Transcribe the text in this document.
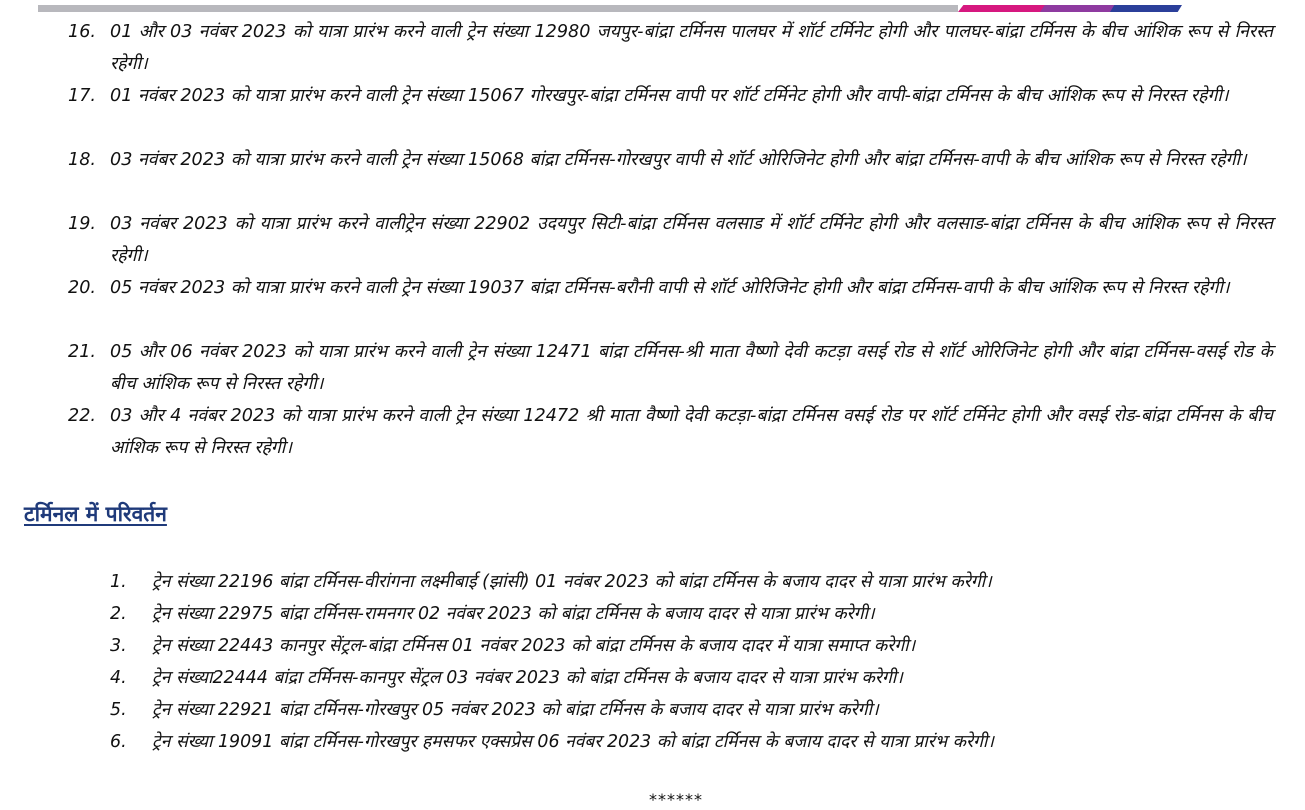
16. 01 और 03 नवंबर 2023 को यात्रा प्रारंभ करने वाली ट्रेन संख्या 12980 जयपुर-बांद्रा टर्मिनस पालघर में शॉर्ट टर्मिनेट होगी और पालघर-बांद्रा टर्मिनस के बीच आंशिक रूप से निरस्त रहेगी।
17. 01 नवंबर 2023 को यात्रा प्रारंभ करने वाली ट्रेन संख्या 15067 गोरखपुर-बांद्रा टर्मिनस वापी पर शॉर्ट टर्मिनेट होगी और वापी-बांद्रा टर्मिनस के बीच आंशिक रूप से निरस्त रहेगी।
18. 03 नवंबर 2023 को यात्रा प्रारंभ करने वाली ट्रेन संख्या 15068 बांद्रा टर्मिनस-गोरखपुर वापी से शॉर्ट ओरिजिनेट होगी और बांद्रा टर्मिनस-वापी के बीच आंशिक रूप से निरस्त रहेगी।
19. 03 नवंबर 2023 को यात्रा प्रारंभ करने वालीट्रेन संख्या 22902 उदयपुर सिटी-बांद्रा टर्मिनस वलसाड में शॉर्ट टर्मिनेट होगी और वलसाड-बांद्रा टर्मिनस के बीच आंशिक रूप से निरस्त रहेगी।
20. 05 नवंबर 2023 को यात्रा प्रारंभ करने वाली ट्रेन संख्या 19037 बांद्रा टर्मिनस-बरौनी वापी से शॉर्ट ओरिजिनेट होगी और बांद्रा टर्मिनस-वापी के बीच आंशिक रूप से निरस्त रहेगी।
21. 05 और 06 नवंबर 2023 को यात्रा प्रारंभ करने वाली ट्रेन संख्या 12471 बांद्रा टर्मिनस-श्री माता वैष्णो देवी कटड़ा वसई रोड से शॉर्ट ओरिजिनेट होगी और बांद्रा टर्मिनस-वसई रोड के बीच आंशिक रूप से निरस्त रहेगी।
22. 03 और 4 नवंबर 2023 को यात्रा प्रारंभ करने वाली ट्रेन संख्या 12472 श्री माता वैष्णो देवी कटड़ा-बांद्रा टर्मिनस वसई रोड पर शॉर्ट टर्मिनेट होगी और वसई रोड-बांद्रा टर्मिनस के बीच आंशिक रूप से निरस्त रहेगी।
टर्मिनल में परिवर्तन
1.	ट्रेन संख्या 22196 बांद्रा टर्मिनस-वीरांगना लक्ष्मीबाई (झांसी) 01 नवंबर 2023 को बांद्रा टर्मिनस के बजाय दादर से यात्रा प्रारंभ करेगी।
2.	ट्रेन संख्या 22975 बांद्रा टर्मिनस-रामनगर 02 नवंबर 2023 को बांद्रा टर्मिनस के बजाय दादर से यात्रा प्रारंभ करेगी।
3.	ट्रेन संख्या 22443 कानपुर सेंट्रल-बांद्रा टर्मिनस 01 नवंबर 2023 को बांद्रा टर्मिनस के बजाय दादर में यात्रा समाप्त करेगी।
4.	ट्रेन संख्या22444 बांद्रा टर्मिनस-कानपुर सेंट्रल 03 नवंबर 2023 को बांद्रा टर्मिनस के बजाय दादर से यात्रा प्रारंभ करेगी।
5.	ट्रेन संख्या 22921 बांद्रा टर्मिनस-गोरखपुर 05 नवंबर 2023 को बांद्रा टर्मिनस के बजाय दादर से यात्रा प्रारंभ करेगी।
6.	ट्रेन संख्या 19091 बांद्रा टर्मिनस-गोरखपुर हमसफर एक्सप्रेस 06 नवंबर 2023 को बांद्रा टर्मिनस के बजाय दादर से यात्रा प्रारंभ करेगी।
******
